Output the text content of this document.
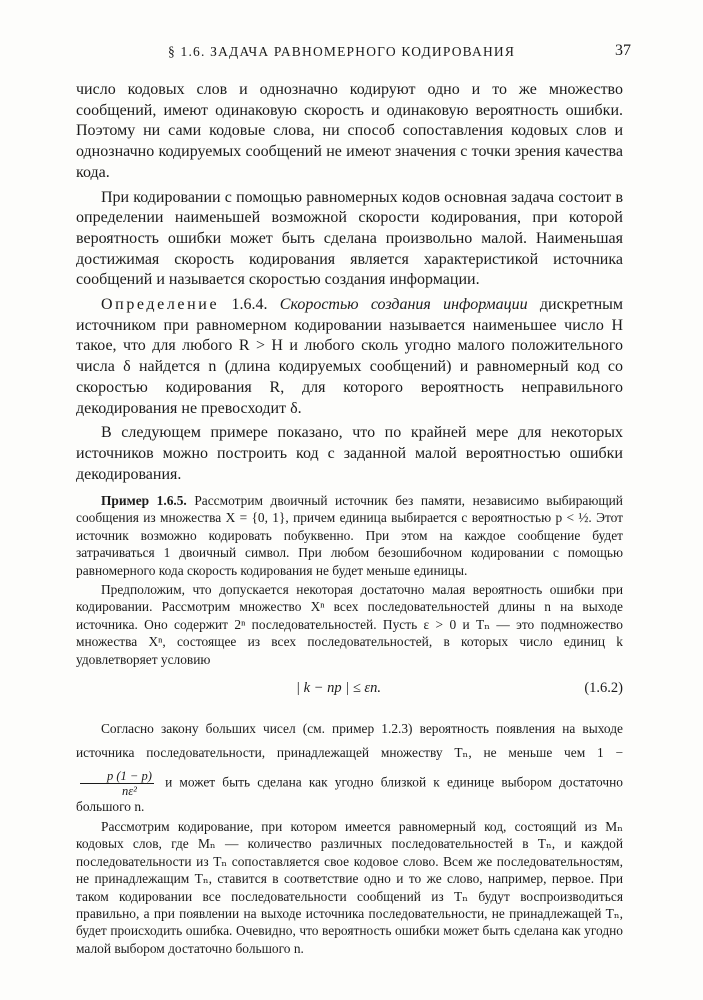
§ 1.6. ЗАДАЧА РАВНОМЕРНОГО КОДИРОВАНИЯ	37

число кодовых слов и однозначно кодируют одно и то же множество сообщений, имеют одинаковую скорость и одинаковую вероятность ошибки. Поэтому ни сами кодовые слова, ни способ сопоставления кодовых слов и однозначно кодируемых сообщений не имеют значения с точки зрения качества кода.

При кодировании с помощью равномерных кодов основная задача состоит в определении наименьшей возможной скорости кодирования, при которой вероятность ошибки может быть сделана произвольно малой. Наименьшая достижимая скорость кодирования является характеристикой источника сообщений и называется скоростью создания информации.

Определение 1.6.4. Скоростью создания информации дискретным источником при равномерном кодировании называется наименьшее число H такое, что для любого R > H и любого сколь угодно малого положительного числа δ найдется n (длина кодируемых сообщений) и равномерный код со скоростью кодирования R, для которого вероятность неправильного декодирования не превосходит δ.

В следующем примере показано, что по крайней мере для некоторых источников можно построить код с заданной малой вероятностью ошибки декодирования.

Пример 1.6.5. Рассмотрим двоичный источник без памяти, независимо выбирающий сообщения из множества X = {0, 1}, причем единица выбирается с вероятностью p < ½. Этот источник возможно кодировать побуквенно. При этом на каждое сообщение будет затрачиваться 1 двоичный символ. При любом безошибочном кодировании с помощью равномерного кода скорость кодирования не будет меньше единицы.

Предположим, что допускается некоторая достаточно малая вероятность ошибки при кодировании. Рассмотрим множество Xⁿ всех последовательностей длины n на выходе источника. Оно содержит 2ⁿ последовательностей. Пусть ε > 0 и Tₙ — это подмножество множества Xⁿ, состоящее из всех последовательностей, в которых число единиц k удовлетворяет условию

| k − np | ≤ εn.	(1.6.2)

Согласно закону больших чисел (см. пример 1.2.3) вероятность появления на выходе источника последовательности, принадлежащей множеству Tₙ, не меньше чем 1 −
$\frac{p (1 - p)}{\text{nε²}}$ и может быть сделана как угодно близкой к единице выбором достаточно большого n.

Рассмотрим кодирование, при котором имеется равномерный код, состоящий из Mₙ кодовых слов, где Mₙ — количество различных последовательностей в Tₙ, и каждой последовательности из Tₙ сопоставляется свое кодовое слово. Всем же последовательностям, не принадлежащим Tₙ, ставится в соответствие одно и то же слово, например, первое. При таком кодировании все последовательности сообщений из Tₙ будут воспроизводиться правильно, а при появлении на выходе источника последовательности, не принадлежащей Tₙ, будет происходить ошибка. Очевидно, что вероятность ошибки может быть сделана как угодно малой выбором достаточно большого n.
